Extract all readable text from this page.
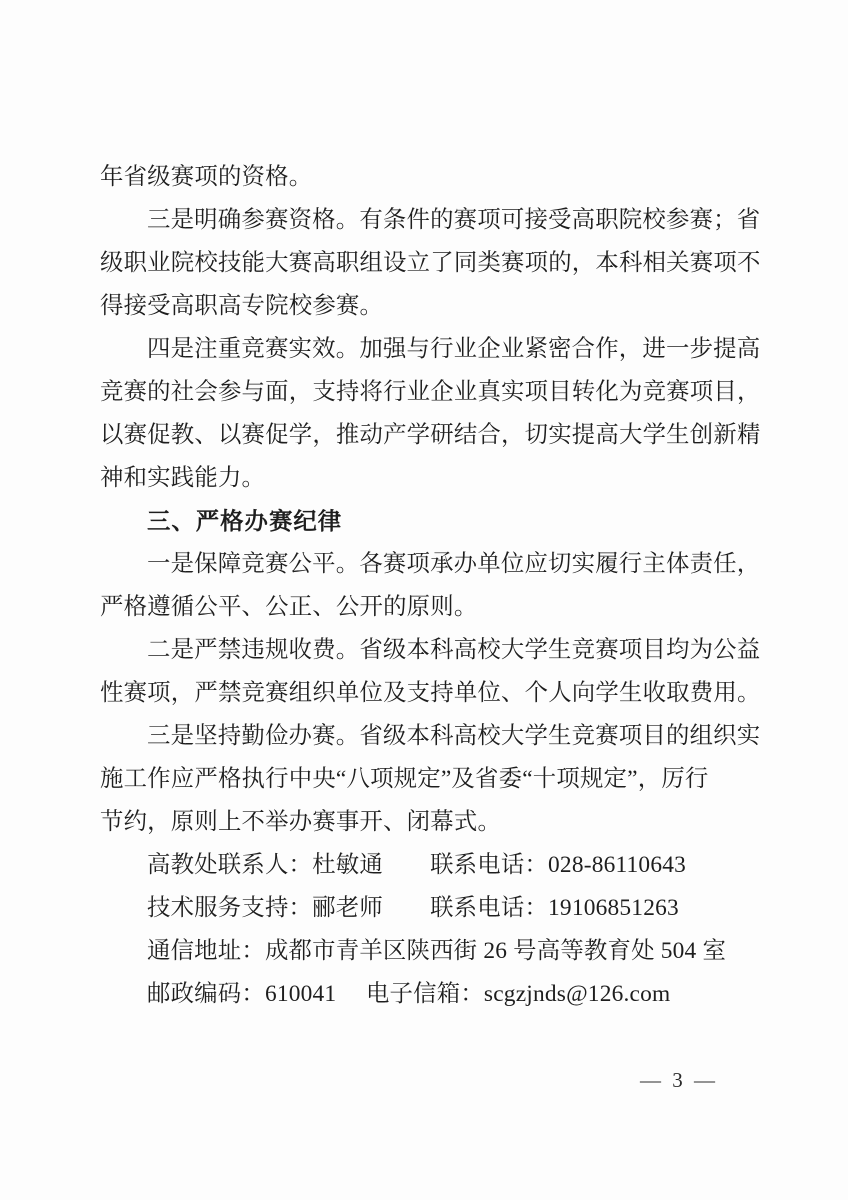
年省级赛项的资格。
三是明确参赛资格。有条件的赛项可接受高职院校参赛；省
级职业院校技能大赛高职组设立了同类赛项的，本科相关赛项不
得接受高职高专院校参赛。
四是注重竞赛实效。加强与行业企业紧密合作，进一步提高
竞赛的社会参与面，支持将行业企业真实项目转化为竞赛项目，
以赛促教、以赛促学，推动产学研结合，切实提高大学生创新精
神和实践能力。
三、严格办赛纪律
一是保障竞赛公平。各赛项承办单位应切实履行主体责任，
严格遵循公平、公正、公开的原则。
二是严禁违规收费。省级本科高校大学生竞赛项目均为公益
性赛项，严禁竞赛组织单位及支持单位、个人向学生收取费用。
三是坚持勤俭办赛。省级本科高校大学生竞赛项目的组织实
施工作应严格执行中央“八项规定”及省委“十项规定”，厉行
节约，原则上不举办赛事开、闭幕式。
高教处联系人：杜敏通　　联系电话：028-86110643
技术服务支持：郦老师　　联系电话：19106851263
通信地址：成都市青羊区陕西街 26 号高等教育处 504 室
邮政编码：610041　 电子信箱：scgzjnds@126.com
— 3 —
